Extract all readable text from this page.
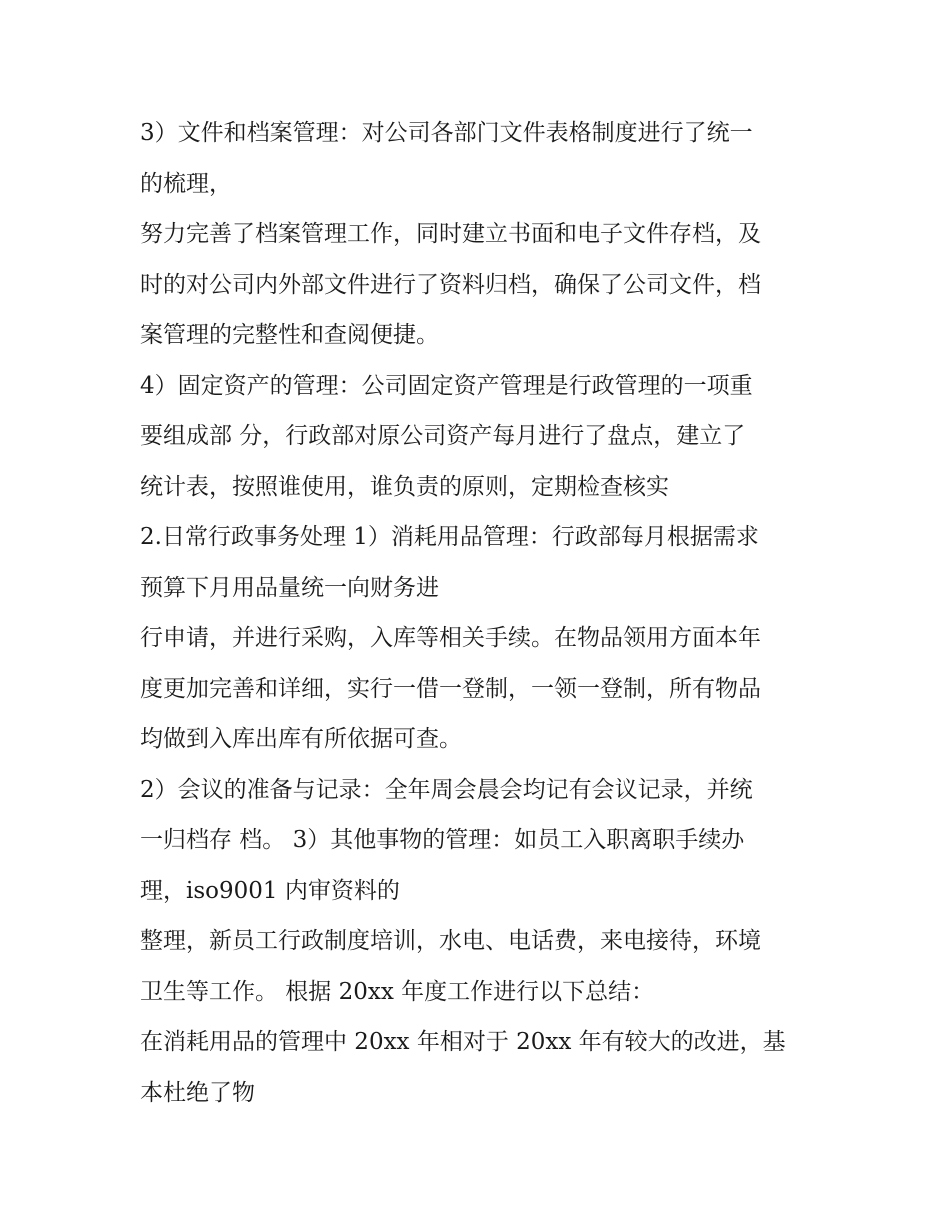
3）文件和档案管理：对公司各部门文件表格制度进行了统一
的梳理，
努力完善了档案管理工作，同时建立书面和电子文件存档，及
时的对公司内外部文件进行了资料归档，确保了公司文件，档
案管理的完整性和查阅便捷。
4）固定资产的管理：公司固定资产管理是行政管理的一项重
要组成部 分，行政部对原公司资产每月进行了盘点，建立了
统计表，按照谁使用，谁负责的原则，定期检查核实
2.日常行政事务处理 1）消耗用品管理：行政部每月根据需求
预算下月用品量统一向财务进
行申请，并进行采购，入库等相关手续。在物品领用方面本年
度更加完善和详细，实行一借一登制，一领一登制，所有物品
均做到入库出库有所依据可查。
2）会议的准备与记录：全年周会晨会均记有会议记录，并统
一归档存 档。 3）其他事物的管理：如员工入职离职手续办
理，iso9001 内审资料的
整理，新员工行政制度培训，水电、电话费，来电接待，环境
卫生等工作。 根据 20xx 年度工作进行以下总结：
在消耗用品的管理中 20xx 年相对于 20xx 年有较大的改进，基
本杜绝了物
